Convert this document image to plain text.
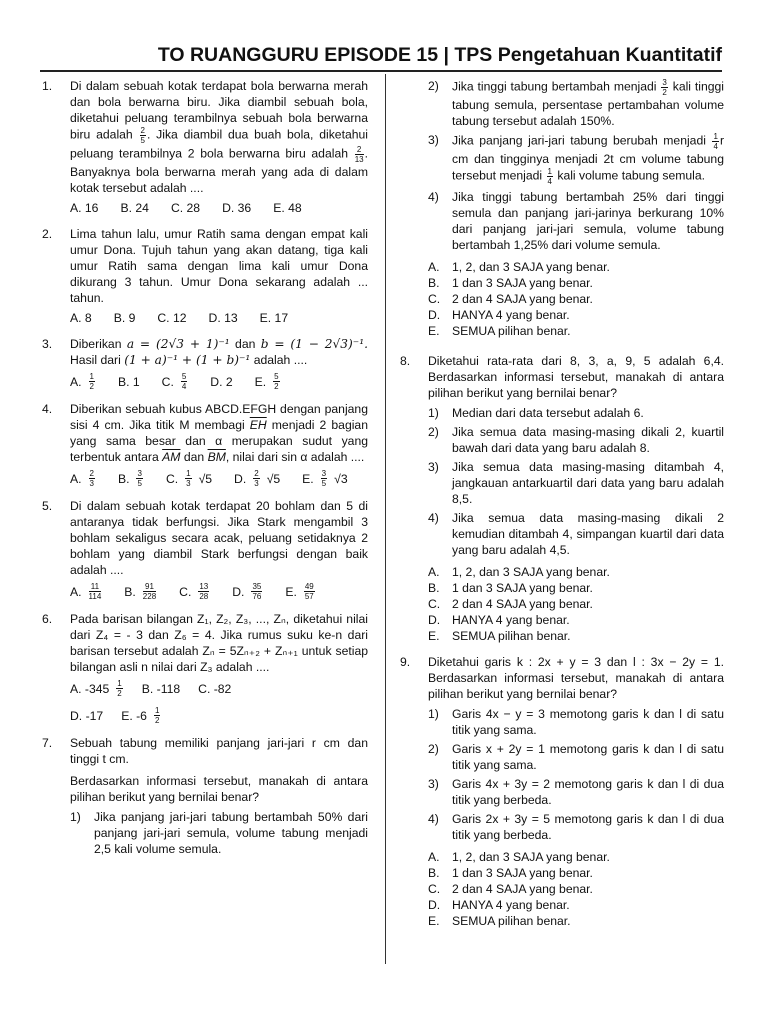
TO RUANGGURU EPISODE 15 | TPS Pengetahuan Kuantitatif
1.	Di dalam sebuah kotak terdapat bola berwarna merah dan bola berwarna biru. Jika diambil sebuah bola, diketahui peluang terambilnya sebuah bola berwarna biru adalah $\frac{2}{5}$ . Jika diambil dua buah bola, diketahui peluang terambilnya 2 bola berwarna biru adalah $\frac{2}{13}$ . Banyaknya bola berwarna merah yang ada di dalam kotak tersebut adalah ....
A. 16 B. 24 C. 28 D. 36 E. 48
2.	Lima tahun lalu, umur Ratih sama dengan empat kali umur Dona. Tujuh tahun yang akan datang, tiga kali umur Ratih sama dengan lima kali umur Dona dikurang 3 tahun. Umur Dona sekarang adalah ... tahun.
A. 8 B. 9 C. 12 D. 13 E. 17
3.	Diberikan a = (2√3 + 1)⁻¹ dan b = (1 − 2√3)⁻¹. Hasil dari (1 + a)⁻¹ + (1 + b)⁻¹ adalah ....
A. $\frac{1}{2} B$. 1 C. $\frac{5}{4} D$. 2 E. $\frac{5}{2}$
4.	Diberikan sebuah kubus ABCD.EFGH dengan panjang sisi 4 cm. Jika titik M membagi $\overline{EH}$ menjadi 2 bagian yang sama besar dan α merupakan sudut yang terbentuk antara $\overline{AM}$ dan $\overline{BM}$, nilai dari sin α adalah ....
A. $\frac{2}{3} B$. $\frac{3}{5} C$. $\frac{1}{3} √5$ D. $\frac{2}{3} √5$ E. $\frac{3}{5} √3$
5.	Di dalam sebuah kotak terdapat 20 bohlam dan 5 di antaranya tidak berfungsi. Jika Stark mengambil 3 bohlam sekaligus secara acak, peluang setidaknya 2 bohlam yang diambil Stark berfungsi dengan baik adalah ....
A. $\frac{11}{114} B$. $\frac{91}{228} C$. $\frac{13}{28} D$. $\frac{35}{76} E$. $\frac{49}{57}$
6.	Pada barisan bilangan Z₁, Z₂, Z₃, ..., Zₙ, diketahui nilai dari Z₄ = - 3 dan Z₆ = 4. Jika rumus suku ke-n dari barisan tersebut adalah Zₙ = 5Zₙ₊₂ + Zₙ₊₁ untuk setiap bilangan asli n nilai dari Z₃ adalah ....
A. $-345 \frac{1}{2} B$. -118 C. -82
D. -17 E. $-6 \frac{1}{2}$
7.	Sebuah tabung memiliki panjang jari-jari r cm dan tinggi t cm.
Berdasarkan informasi tersebut, manakah di antara pilihan berikut yang bernilai benar?
1)	Jika panjang jari-jari tabung bertambah 50% dari panjang jari-jari semula, volume tabung menjadi 2,5 kali volume semula.
2)	Jika tinggi tabung bertambah menjadi $\frac{3}{2}$ kali tinggi tabung semula, persentase pertambahan volume tabung tersebut adalah 150%.
3)	Jika panjang jari-jari tabung berubah menjadi $\frac{1}{4}$ r cm dan tingginya menjadi 2t cm volume tabung tersebut menjadi $\frac{1}{4}$ kali volume tabung semula.
4)	Jika tinggi tabung bertambah 25% dari tinggi semula dan panjang jari-jarinya berkurang 10% dari panjang jari-jari semula, volume tabung bertambah 1,25% dari volume semula.
A.	1, 2, dan 3 SAJA yang benar.
B.	1 dan 3 SAJA yang benar.
C. 2 dan 4 SAJA yang benar.
D. HANYA 4 yang benar.
E.	SEMUA pilihan benar.
8.	Diketahui rata-rata dari 8, 3, a, 9, 5 adalah 6,4. Berdasarkan informasi tersebut, manakah di antara pilihan berikut yang bernilai benar?
1)	Median dari data tersebut adalah 6.
2)	Jika semua data masing-masing dikali 2, kuartil bawah dari data yang baru adalah 8.
3)	Jika semua data masing-masing ditambah 4, jangkauan antarkuartil dari data yang baru adalah 8,5.
4)	Jika semua data masing-masing dikali 2 kemudian ditambah 4, simpangan kuartil dari data yang baru adalah 4,5.
A.	1, 2, dan 3 SAJA yang benar.
B.	1 dan 3 SAJA yang benar.
C. 2 dan 4 SAJA yang benar.
D. HANYA 4 yang benar.
E.	SEMUA pilihan benar.
9.	Diketahui garis k : 2x + y = 3 dan l : 3x − 2y = 1. Berdasarkan informasi tersebut, manakah di antara pilihan berikut yang bernilai benar?
1)	Garis 4x − y = 3 memotong garis k dan l di satu titik yang sama.
2)	Garis x + 2y = 1 memotong garis k dan l di satu titik yang sama.
3)	Garis 4x + 3y = 2 memotong garis k dan l di dua titik yang berbeda.
4)	Garis 2x + 3y = 5 memotong garis k dan l di dua titik yang berbeda.
A.	1, 2, dan 3 SAJA yang benar.
B.	1 dan 3 SAJA yang benar.
C. 2 dan 4 SAJA yang benar.
D. HANYA 4 yang benar.
E.	SEMUA pilihan benar.
